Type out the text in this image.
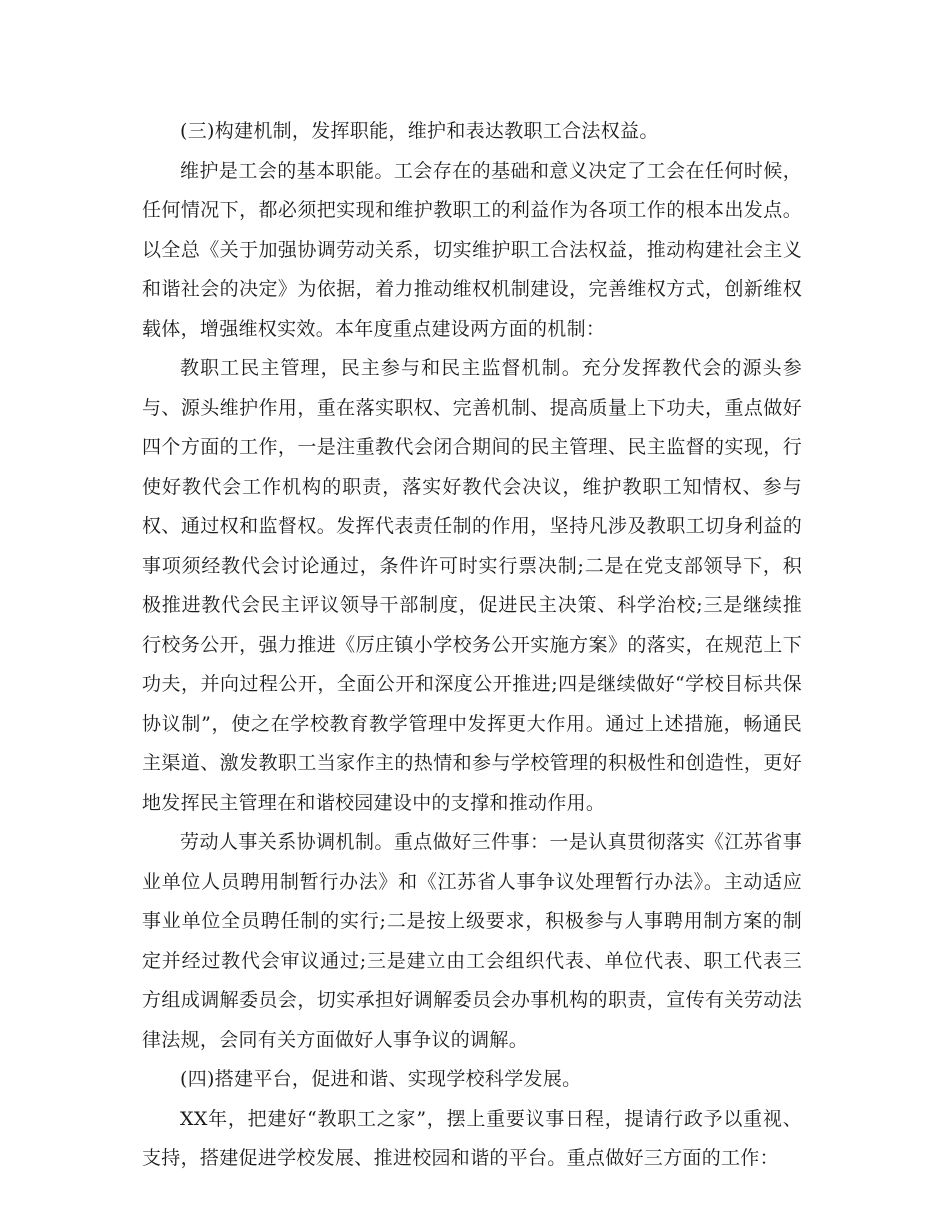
(三)构建机制，发挥职能，维护和表达教职工合法权益。

维护是工会的基本职能。工会存在的基础和意义决定了工会在任何时候，任何情况下，都必须把实现和维护教职工的利益作为各项工作的根本出发点。以全总《关于加强协调劳动关系，切实维护职工合法权益，推动构建社会主义和谐社会的决定》为依据，着力推动维权机制建设，完善维权方式，创新维权载体，增强维权实效。本年度重点建设两方面的机制：

教职工民主管理，民主参与和民主监督机制。充分发挥教代会的源头参与、源头维护作用，重在落实职权、完善机制、提高质量上下功夫，重点做好四个方面的工作，一是注重教代会闭合期间的民主管理、民主监督的实现，行使好教代会工作机构的职责，落实好教代会决议，维护教职工知情权、参与权、通过权和监督权。发挥代表责任制的作用，坚持凡涉及教职工切身利益的事项须经教代会讨论通过，条件许可时实行票决制;二是在党支部领导下，积极推进教代会民主评议领导干部制度，促进民主决策、科学治校;三是继续推行校务公开，强力推进《厉庄镇小学校务公开实施方案》的落实，在规范上下功夫，并向过程公开，全面公开和深度公开推进;四是继续做好“学校目标共保协议制”，使之在学校教育教学管理中发挥更大作用。通过上述措施，畅通民主渠道、激发教职工当家作主的热情和参与学校管理的积极性和创造性，更好地发挥民主管理在和谐校园建设中的支撑和推动作用。

劳动人事关系协调机制。重点做好三件事：一是认真贯彻落实《江苏省事业单位人员聘用制暂行办法》和《江苏省人事争议处理暂行办法》。主动适应事业单位全员聘任制的实行;二是按上级要求，积极参与人事聘用制方案的制定并经过教代会审议通过;三是建立由工会组织代表、单位代表、职工代表三方组成调解委员会，切实承担好调解委员会办事机构的职责，宣传有关劳动法律法规，会同有关方面做好人事争议的调解。

(四)搭建平台，促进和谐、实现学校科学发展。

XX年，把建好“教职工之家”，摆上重要议事日程，提请行政予以重视、支持，搭建促进学校发展、推进校园和谐的平台。重点做好三方面的工作：
